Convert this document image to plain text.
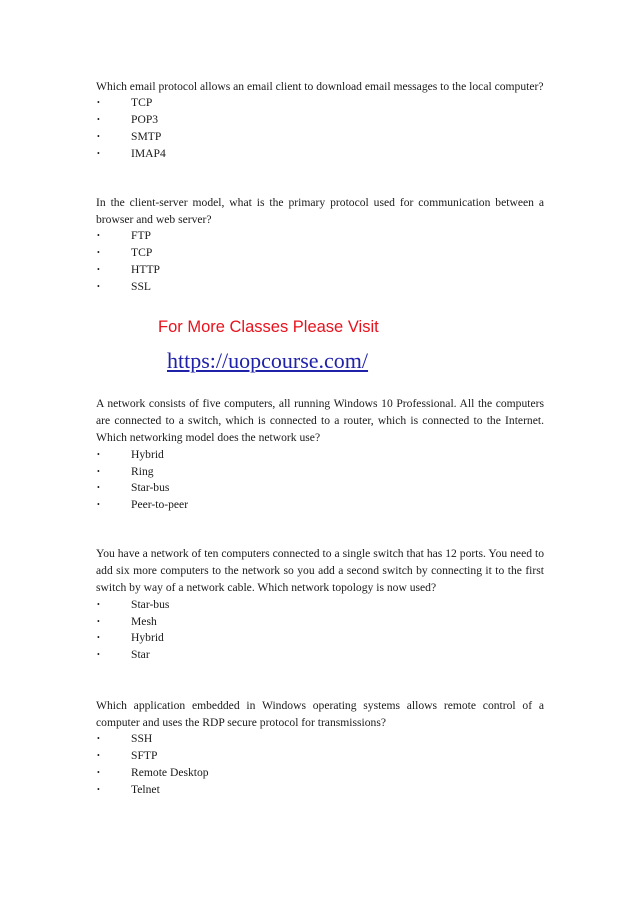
Which email protocol allows an email client to download email messages to the local computer?

•	TCP
•	POP3
•	SMTP
•	IMAP4

In the client-server model, what is the primary protocol used for communication between a browser and web server?

•	FTP
•	TCP
•	HTTP
•	SSL
For More Classes Please Visit
https://uopcourse.com/

A network consists of five computers, all running Windows 10 Professional. All the computers are connected to a switch, which is connected to a router, which is connected to the Internet. Which networking model does the network use?

•	Hybrid
•	Ring
•	Star-bus
•	Peer-to-peer

You have a network of ten computers connected to a single switch that has 12 ports. You need to add six more computers to the network so you add a second switch by connecting it to the first switch by way of a network cable. Which network topology is now used?

•	Star-bus
•	Mesh
•	Hybrid
•	Star

Which application embedded in Windows operating systems allows remote control of a computer and uses the RDP secure protocol for transmissions?

•	SSH
•	SFTP
•	Remote Desktop
•	Telnet
